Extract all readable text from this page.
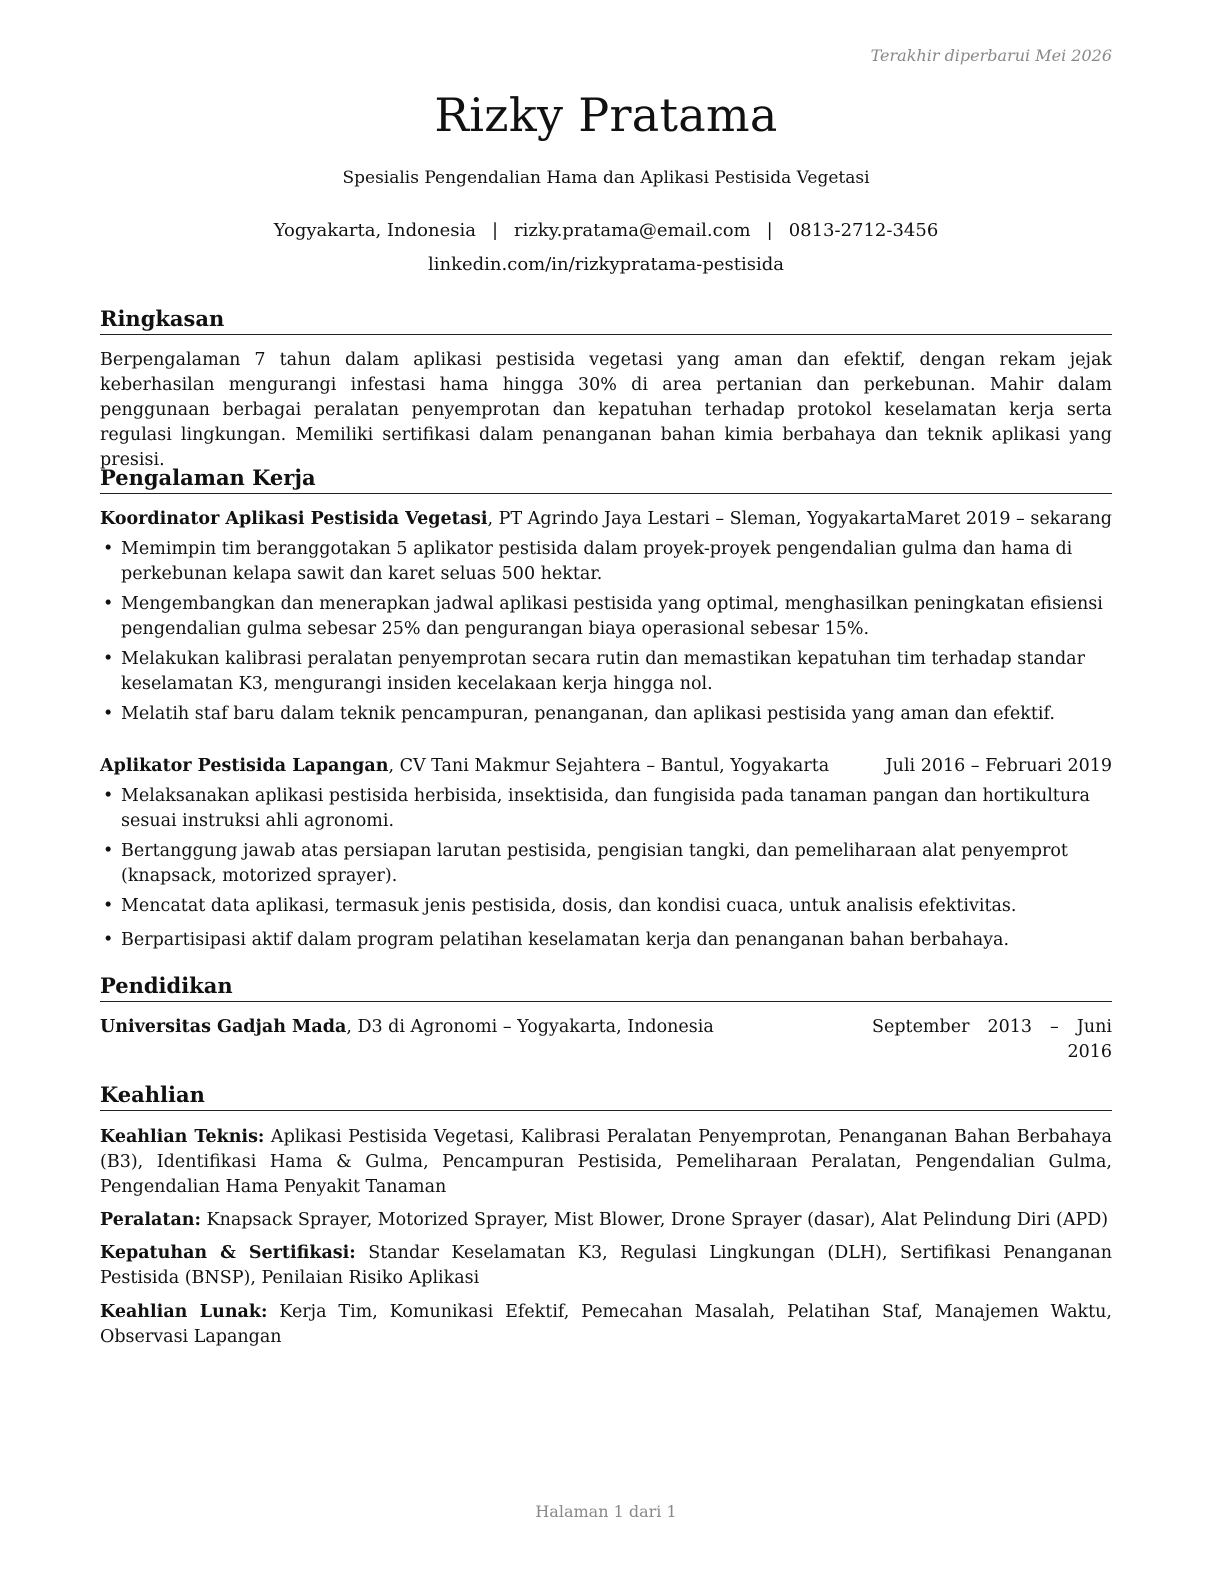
Terakhir diperbarui Mei 2026
Rizky Pratama
Spesialis Pengendalian Hama dan Aplikasi Pestisida Vegetasi
Yogyakarta, Indonesia | rizky.pratama@email.com | 0813-2712-3456
linkedin.com/in/rizkypratama-pestisida
Ringkasan
Berpengalaman 7 tahun dalam aplikasi pestisida vegetasi yang aman dan efektif, dengan rekam jejak keberhasilan mengurangi infestasi hama hingga 30% di area pertanian dan perkebunan. Mahir dalam penggunaan berbagai peralatan penyemprotan dan kepatuhan terhadap protokol keselamatan kerja serta regulasi lingkungan. Memiliki sertifikasi dalam penanganan bahan kimia berbahaya dan teknik aplikasi yang presisi.
Pengalaman Kerja
Koordinator Aplikasi Pestisida Vegetasi, PT Agrindo Jaya Lestari – Sleman, Yogyakarta Maret 2019 – sekarang
• Memimpin tim beranggotakan 5 aplikator pestisida dalam proyek-proyek pengendalian gulma dan hama di perkebunan kelapa sawit dan karet seluas 500 hektar.
• Mengembangkan dan menerapkan jadwal aplikasi pestisida yang optimal, menghasilkan peningkatan efisiensi pengendalian gulma sebesar 25% dan pengurangan biaya operasional sebesar 15%.
• Melakukan kalibrasi peralatan penyemprotan secara rutin dan memastikan kepatuhan tim terhadap standar keselamatan K3, mengurangi insiden kecelakaan kerja hingga nol.
• Melatih staf baru dalam teknik pencampuran, penanganan, dan aplikasi pestisida yang aman dan efektif.
Aplikator Pestisida Lapangan, CV Tani Makmur Sejahtera – Bantul, Yogyakarta	Juli 2016 – Februari 2019
• Melaksanakan aplikasi pestisida herbisida, insektisida, dan fungisida pada tanaman pangan dan hortikultura sesuai instruksi ahli agronomi.
• Bertanggung jawab atas persiapan larutan pestisida, pengisian tangki, dan pemeliharaan alat penyemprot (knapsack, motorized sprayer).
• Mencatat data aplikasi, termasuk jenis pestisida, dosis, dan kondisi cuaca, untuk analisis efektivitas.
• Berpartisipasi aktif dalam program pelatihan keselamatan kerja dan penanganan bahan berbahaya.
Pendidikan
Universitas Gadjah Mada, D3 di Agronomi – Yogyakarta, Indonesia	September 2013 – Juni 2016
Keahlian
Keahlian Teknis: Aplikasi Pestisida Vegetasi, Kalibrasi Peralatan Penyemprotan, Penanganan Bahan Berbahaya (B3), Identifikasi Hama & Gulma, Pencampuran Pestisida, Pemeliharaan Peralatan, Pengendalian Gulma, Pengendalian Hama Penyakit Tanaman
Peralatan: Knapsack Sprayer, Motorized Sprayer, Mist Blower, Drone Sprayer (dasar), Alat Pelindung Diri (APD)
Kepatuhan & Sertifikasi: Standar Keselamatan K3, Regulasi Lingkungan (DLH), Sertifikasi Penanganan Pestisida (BNSP), Penilaian Risiko Aplikasi
Keahlian Lunak: Kerja Tim, Komunikasi Efektif, Pemecahan Masalah, Pelatihan Staf, Manajemen Waktu, Observasi Lapangan
Halaman 1 dari 1
